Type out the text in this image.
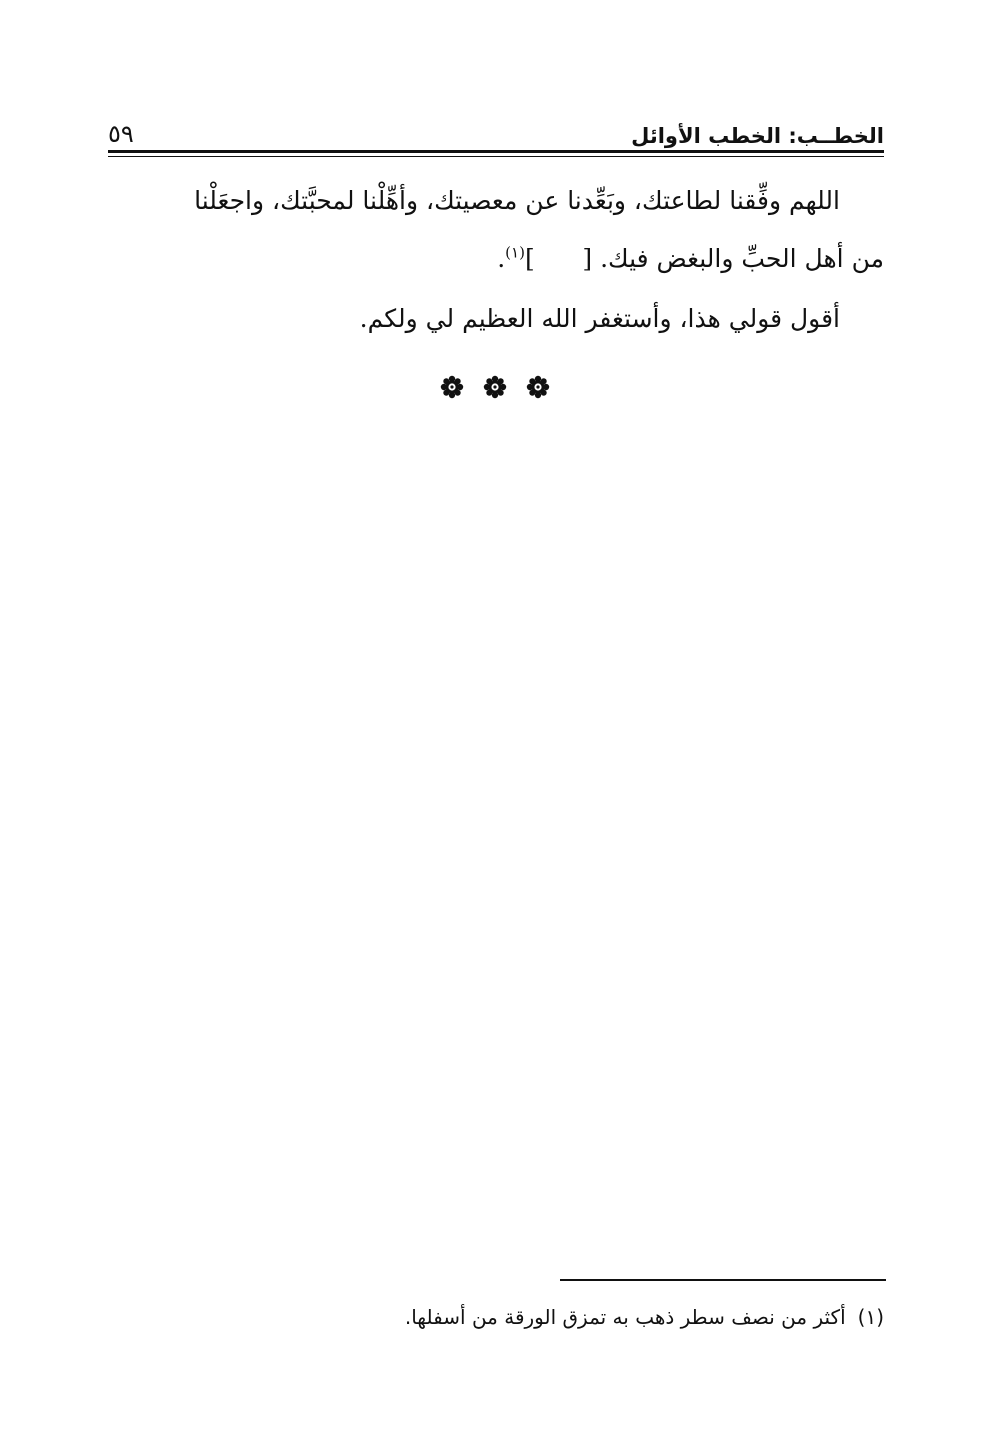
الخطــب: الخطب الأوائل
٥٩

اللهم وفِّقنا لطاعتك، وبَعِّدنا عن معصيتك، وأهِّلْنا لمحبَّتك، واجعَلْنا

من أهل الحبِّ والبغض فيك. [      ]$^{(١)}$.

أقول قولي هذا، وأستغفر الله العظيم لي ولكم.

(١)أكثر من نصف سطر ذهب به تمزق الورقة من أسفلها.
